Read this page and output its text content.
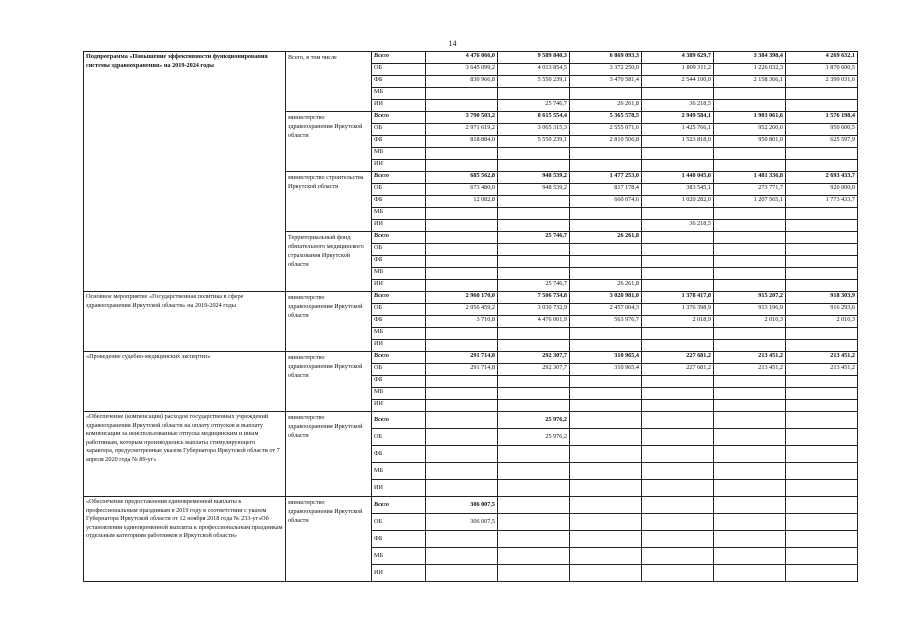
14
Подпрограмма «Повышение эффективности функционирования системы здравоохранения» на 2019-2024 годы	Всего, в том числе	Всего	4 476 066,0	9 589 840,3	6 869 093,3	4 389 629,7	3 384 398,4	4 269 632,1
		ОБ	3 645 099,2	4 013 854,5	3 372 250,0	1 809 311,2	1 226 032,3	1 870 600,5
		ФБ	830 966,8	5 550 239,1	3 470 581,4	2 544 100,0	2 158 366,1	2 399 031,6
		МБ						
		ИИ		25 746,7	26 261,8	36 218,5		
	министерство здравоохранения Иркутской области	Всего	3 790 503,2	8 615 554,4	5 365 578,5	2 949 584,1	1 903 061,6	1 576 198,4
		ОБ	2 971 619,2	3 065 315,3	2 555 071,6	1 425 766,1	952 260,6	950 600,5
		ФБ	818 884,0	5 550 239,1	2 810 506,8	1 523 818,0	950 801,0	625 597,9
		МБ						
		ИИ						
	министерство строительства Иркутской области	Всего	685 562,8	948 539,2	1 477 253,0	1 440 045,6	1 481 336,8	2 693 433,7
		ОБ	673 480,0	948 539,2	817 178,4	383 545,1	273 771,7	920 000,0
		ФБ	12 082,8		660 074,6	1 020 282,0	1 207 565,1	1 773 433,7
		МБ						
		ИИ				36 218,5		
	Территориальный фонд обязательного медицинского страхования Иркутской области	Всего		25 746,7	26 261,8			
		ОБ						
		ФБ						
		МБ						
		ИИ		25 746,7	26 261,8			
Основное мероприятие «Государственная политика в сфере здравоохранения Иркутской области» на 2019-2024 годы	министерство здравоохранения Иркутской области	Всего	2 960 170,0	7 506 734,8	3 020 981,0	1 378 417,8	915 207,2	918 303,9
		ОБ	2 956 459,2	3 030 732,9	2 457 004,3	1 376 398,9	913 196,9	916 293,6
		ФБ	3 710,8	4 476 001,9	563 976,7	2 018,9	2 010,3	2 010,3
		МБ						
		ИИ						
«Проведение судебно-медицинских экспертиз»	министерство здравоохранения Иркутской области	Всего	291 714,8	292 307,7	310 965,4	227 681,2	213 451,2	213 451,2
		ОБ	291 714,8	292 307,7	310 965,4	227 681,2	213 451,2	213 451,2
		ФБ						
		МБ						
		ИИ						
«Обеспечение (компенсация) расходов государственных учреждений здравоохранения Иркутской области на оплату отпусков и выплату компенсации за неиспользованные отпуска медицинским и иным работникам, которым производились выплаты стимулирующего характера, предусмотренные указом Губернатора Иркутской области от 7 апреля 2020 года № 89-уг»	министерство здравоохранения Иркутской области	Всего		25 976,2				
		ОБ		25 976,2				
		ФБ						
		МБ						
		ИИ						
«Обеспечение предоставления единовременной выплаты к профессиональным праздникам в 2019 году в соответствии с указом Губернатора Иркутской области от 12 ноября 2018 года № 233-уг«Об установлении единовременной выплаты к профессиональным праздникам отдельным категориям работников в Иркутской области»	министерство здравоохранения Иркутской области	Всего	306 007,5					
		ОБ	306 007,5					
		ФБ						
		МБ						
		ИИ						
